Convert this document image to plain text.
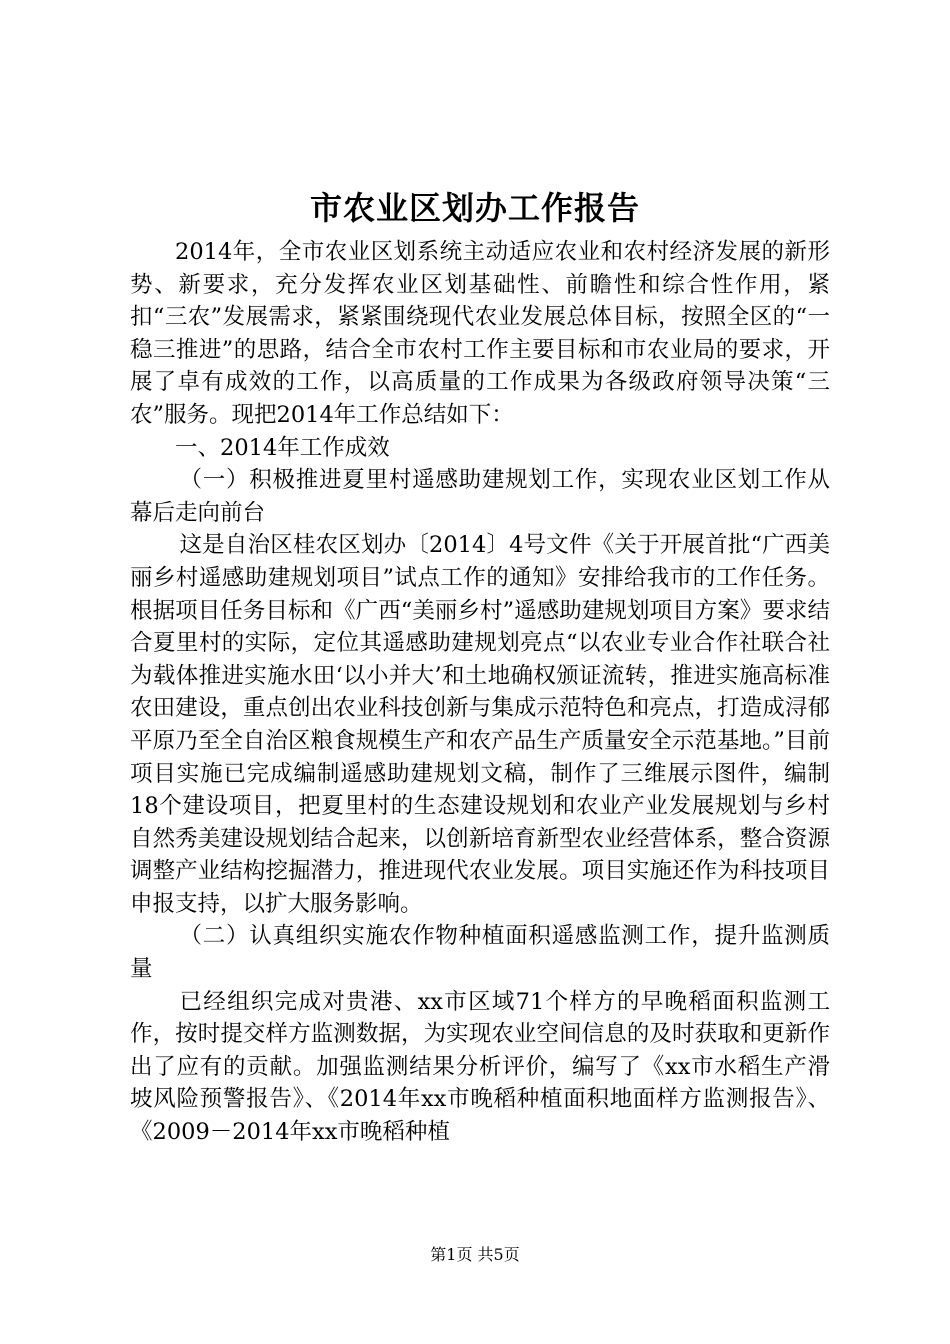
市农业区划办工作报告

2014年，全市农业区划系统主动适应农业和农村经济发展的新形势、新要求，充分发挥农业区划基础性、前瞻性和综合性作用，紧扣“三农”发展需求，紧紧围绕现代农业发展总体目标，按照全区的“一稳三推进”的思路，结合全市农村工作主要目标和市农业局的要求，开展了卓有成效的工作，以高质量的工作成果为各级政府领导决策“三农”服务。现把2014年工作总结如下：

一、2014年工作成效

（一）积极推进夏里村遥感助建规划工作，实现农业区划工作从幕后走向前台

这是自治区桂农区划办〔2014〕4号文件《关于开展首批“广西美丽乡村遥感助建规划项目”试点工作的通知》安排给我市的工作任务。根据项目任务目标和《广西“美丽乡村”遥感助建规划项目方案》要求结合夏里村的实际，定位其遥感助建规划亮点“以农业专业合作社联合社为载体推进实施水田‘以小并大’和土地确权颁证流转，推进实施高标准农田建设，重点创出农业科技创新与集成示范特色和亮点，打造成浔郁平原乃至全自治区粮食规模生产和农产品生产质量安全示范基地。”目前项目实施已完成编制遥感助建规划文稿，制作了三维展示图件，编制18个建设项目，把夏里村的生态建设规划和农业产业发展规划与乡村自然秀美建设规划结合起来，以创新培育新型农业经营体系，整合资源调整产业结构挖掘潜力，推进现代农业发展。项目实施还作为科技项目申报支持，以扩大服务影响。

（二）认真组织实施农作物种植面积遥感监测工作，提升监测质量

已经组织完成对贵港、xx市区域71个样方的早晚稻面积监测工作，按时提交样方监测数据，为实现农业空间信息的及时获取和更新作出了应有的贡献。加强监测结果分析评价，编写了《xx市水稻生产滑坡风险预警报告》、《2014年xx市晚稻种植面积地面样方监测报告》、《2009－2014年xx市晚稻种植

第1页 共5页
